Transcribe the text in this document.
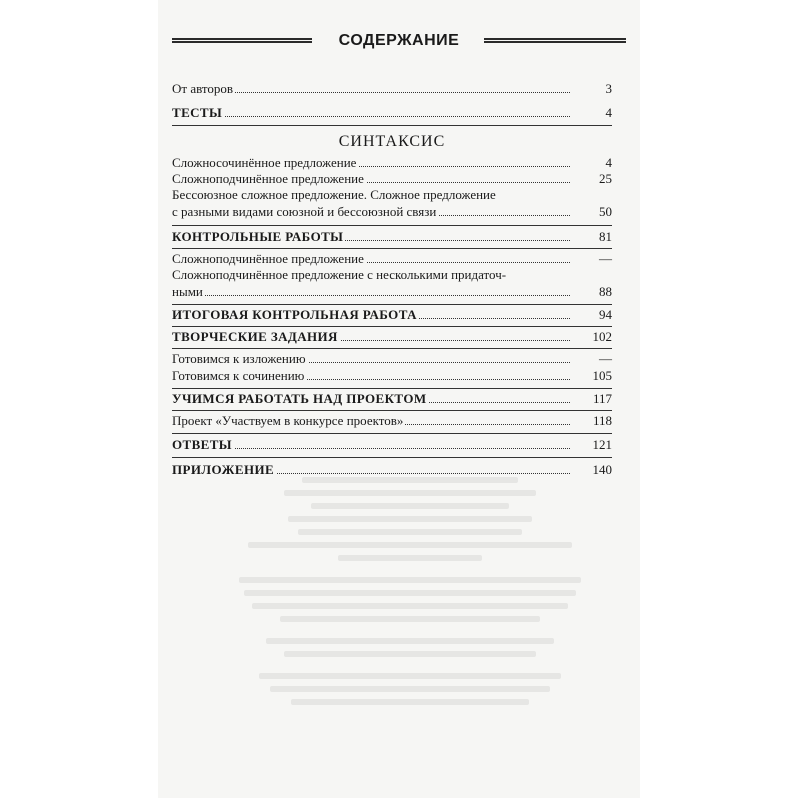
СОДЕРЖАНИЕ
От авторов	3
ТЕСТЫ	4
СИНТАКСИС
Сложносочинённое предложение	4
Сложноподчинённое предложение	25
Бессоюзное сложное предложение. Сложное предложение
с разными видами союзной и бессоюзной связи	50
КОНТРОЛЬНЫЕ РАБОТЫ	81
Сложноподчинённое предложение	—
Сложноподчинённое предложение с несколькими придаточ-
ными	88
ИТОГОВАЯ КОНТРОЛЬНАЯ РАБОТА	94
ТВОРЧЕСКИЕ ЗАДАНИЯ	102
Готовимся к изложению	—
Готовимся к сочинению	105
УЧИМСЯ РАБОТАТЬ НАД ПРОЕКТОМ	117
Проект «Участвуем в конкурсе проектов»	118
ОТВЕТЫ	121
ПРИЛОЖЕНИЕ	140
